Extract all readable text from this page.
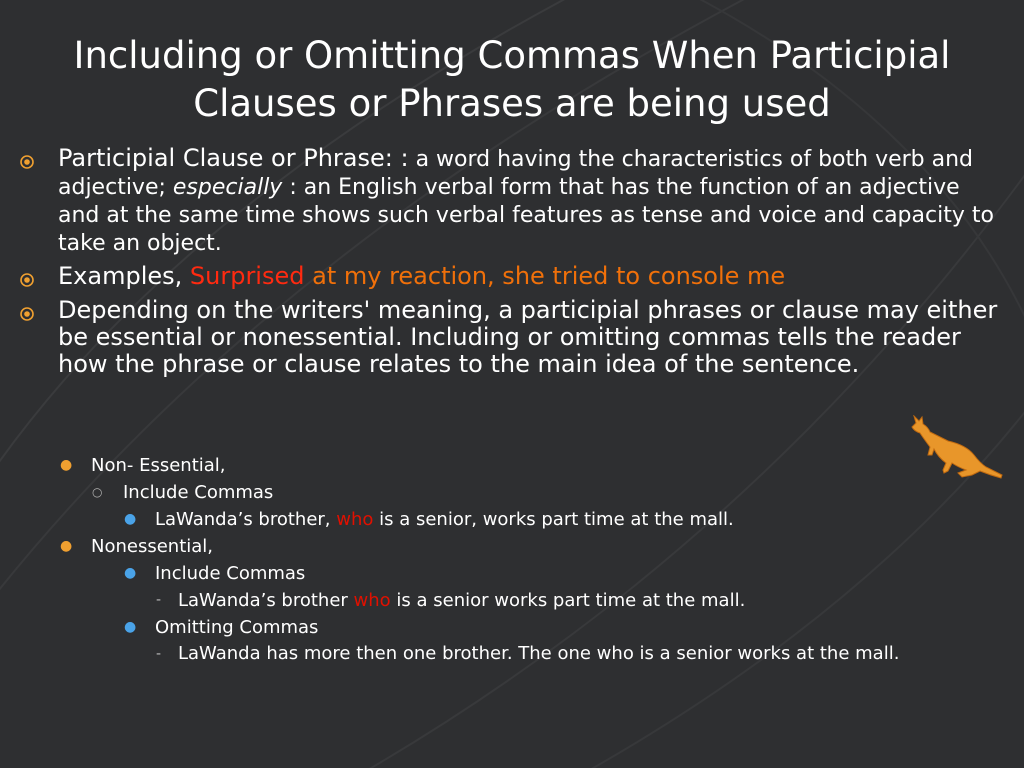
Including or Omitting Commas When Participial
Clauses or Phrases are being used
Participial Clause or Phrase: : a word having the characteristics of both verb and adjective; especially : an English verbal form that has the function of an adjective and at the same time shows such verbal features as tense and voice and capacity to take an object.
Examples, Surprised at my reaction, she tried to console me
Depending on the writers' meaning, a participial phrases or clause may either be essential or nonessential. Including or omitting commas tells the reader how the phrase or clause relates to the main idea of the sentence.
●	Non- Essential,
○	Include Commas
●	LaWanda’s brother, who is a senior, works part time at the mall.
●	Nonessential,
●	Include Commas
- LaWanda’s brother who is a senior works part time at the mall.
●	Omitting Commas
- LaWanda has more then one brother. The one who is a senior works at the mall.
